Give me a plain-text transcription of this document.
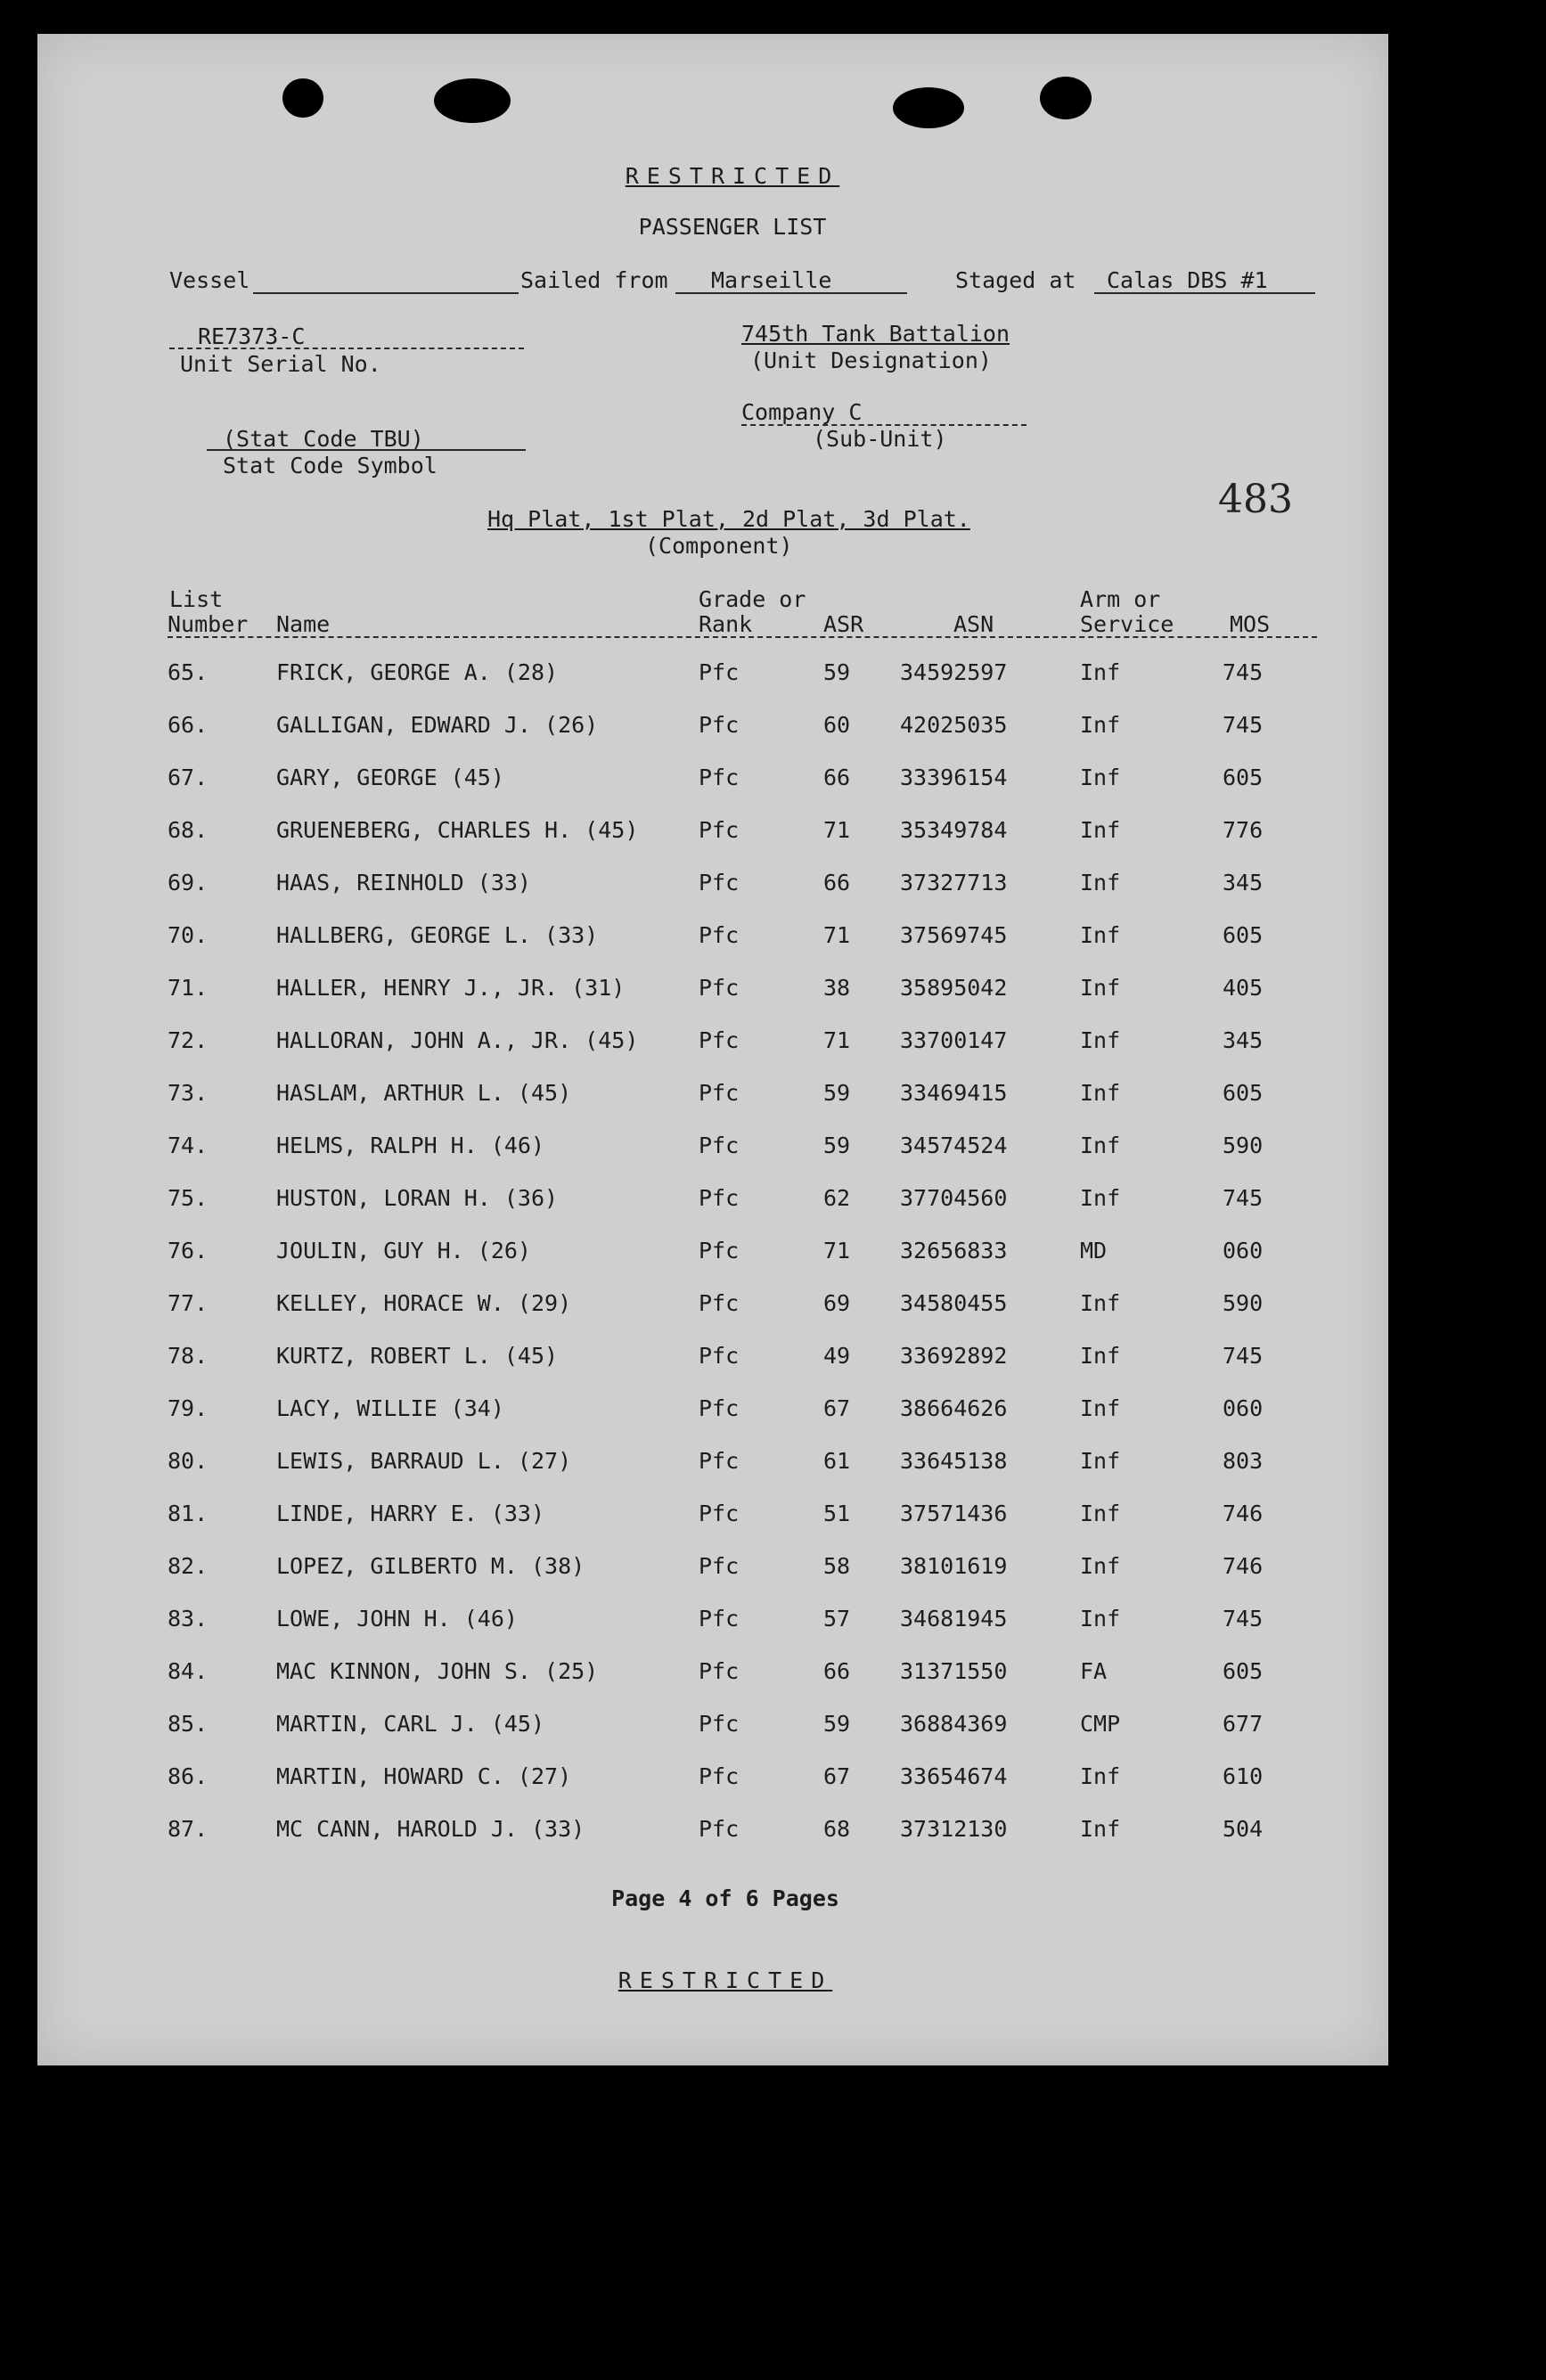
RESTRICTED
PASSENGER LIST
Vessel	Sailed from Marseille	Staged at Calas DBS #1
RE7373-C
Unit Serial No.
745th Tank Battalion
(Unit Designation)
Company C
(Sub-Unit)
(Stat Code TBU)
Stat Code Symbol
483
Hq Plat, 1st Plat, 2d Plat, 3d Plat.
(Component)
List
Number Name
Grade or
Rank	ASR	ASN
Arm or
Service	MOS
65.	FRICK, GEORGE A. (28)	Pfc	59 34592597	Inf	745
66.	GALLIGAN, EDWARD J. (26)	Pfc	60 42025035	Inf	745
67.	GARY, GEORGE (45)	Pfc	66 33396154	Inf	605
68.	GRUENEBERG, CHARLES H. (45)	Pfc	71 35349784	Inf	776
69.	HAAS, REINHOLD (33)	Pfc	66 37327713	Inf	345
70.	HALLBERG, GEORGE L. (33)	Pfc	71 37569745	Inf	605
71.	HALLER, HENRY J., JR. (31)	Pfc	38 35895042	Inf	405
72.	HALLORAN, JOHN A., JR. (45)	Pfc	71 33700147	Inf	345
73.	HASLAM, ARTHUR L. (45)	Pfc	59 33469415	Inf	605
74.	HELMS, RALPH H. (46)	Pfc	59 34574524	Inf	590
75.	HUSTON, LORAN H. (36)	Pfc	62 37704560	Inf	745
76.	JOULIN, GUY H. (26)	Pfc	71 32656833	MD	060
77.	KELLEY, HORACE W. (29)	Pfc	69 34580455	Inf	590
78.	KURTZ, ROBERT L. (45)	Pfc	49 33692892	Inf	745
79.	LACY, WILLIE (34)	Pfc	67 38664626	Inf	060
80.	LEWIS, BARRAUD L. (27)	Pfc	61 33645138	Inf	803
81.	LINDE, HARRY E. (33)	Pfc	51 37571436	Inf	746
82.	LOPEZ, GILBERTO M. (38)	Pfc	58 38101619	Inf	746
83.	LOWE, JOHN H. (46)	Pfc	57 34681945	Inf	745
84.	MAC KINNON, JOHN S. (25)	Pfc	66 31371550	FA	605
85.	MARTIN, CARL J. (45)	Pfc	59 36884369	CMP	677
86.	MARTIN, HOWARD C. (27)	Pfc	67 33654674	Inf	610
87.	MC CANN, HAROLD J. (33)	Pfc	68 37312130	Inf	504
Page 4 of 6 Pages
RESTRICTED
